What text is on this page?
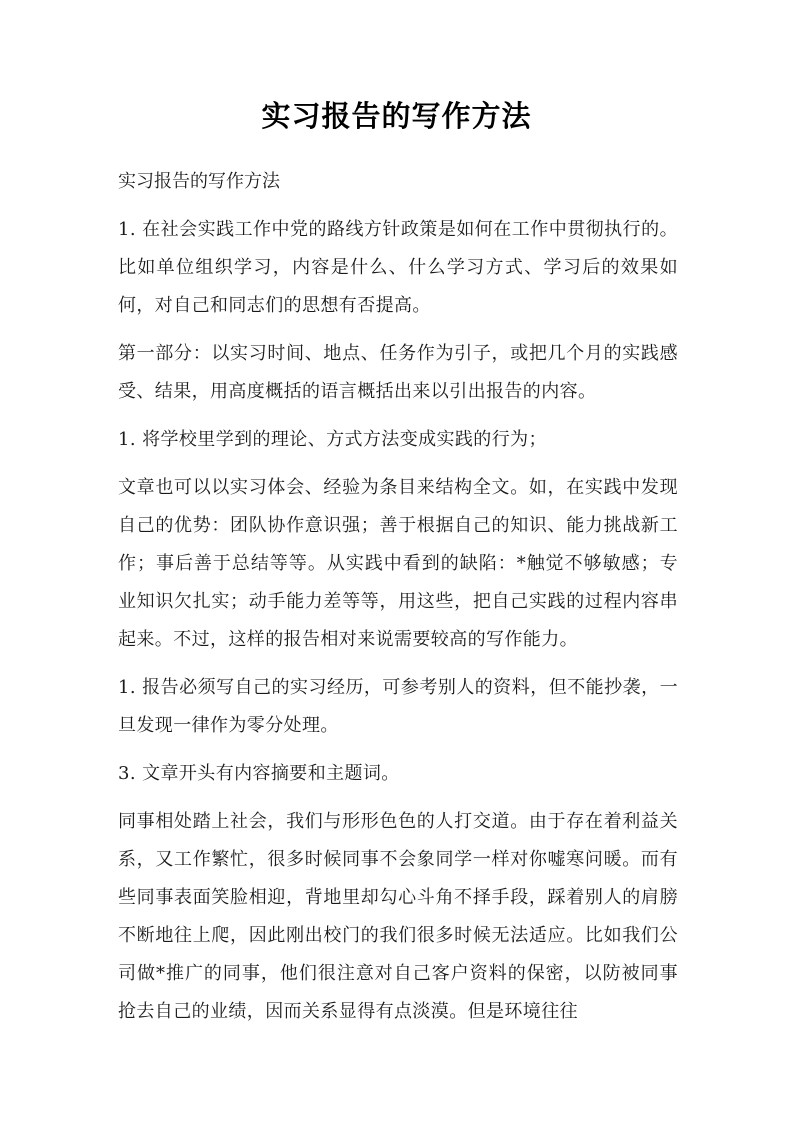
实习报告的写作方法

实习报告的写作方法

1. 在社会实践工作中党的路线方针政策是如何在工作中贯彻执行的。比如单位组织学习，内容是什么、什么学习方式、学习后的效果如何，对自己和同志们的思想有否提高。

第一部分：以实习时间、地点、任务作为引子，或把几个月的实践感受、结果，用高度概括的语言概括出来以引出报告的内容。

1. 将学校里学到的理论、方式方法变成实践的行为；

文章也可以以实习体会、经验为条目来结构全文。如，在实践中发现自己的优势：团队协作意识强；善于根据自己的知识、能力挑战新工作；事后善于总结等等。从实践中看到的缺陷：*触觉不够敏感；专业知识欠扎实；动手能力差等等，用这些，把自己实践的过程内容串起来。不过，这样的报告相对来说需要较高的写作能力。

1. 报告必须写自己的实习经历，可参考别人的资料，但不能抄袭，一旦发现一律作为零分处理。

3. 文章开头有内容摘要和主题词。

同事相处踏上社会，我们与形形色色的人打交道。由于存在着利益关系，又工作繁忙，很多时候同事不会象同学一样对你嘘寒问暖。而有些同事表面笑脸相迎，背地里却勾心斗角不择手段，踩着别人的肩膀不断地往上爬，因此刚出校门的我们很多时候无法适应。比如我们公司做*推广的同事，他们很注意对自己客户资料的保密，以防被同事抢去自己的业绩，因而关系显得有点淡漠。但是环境往往
